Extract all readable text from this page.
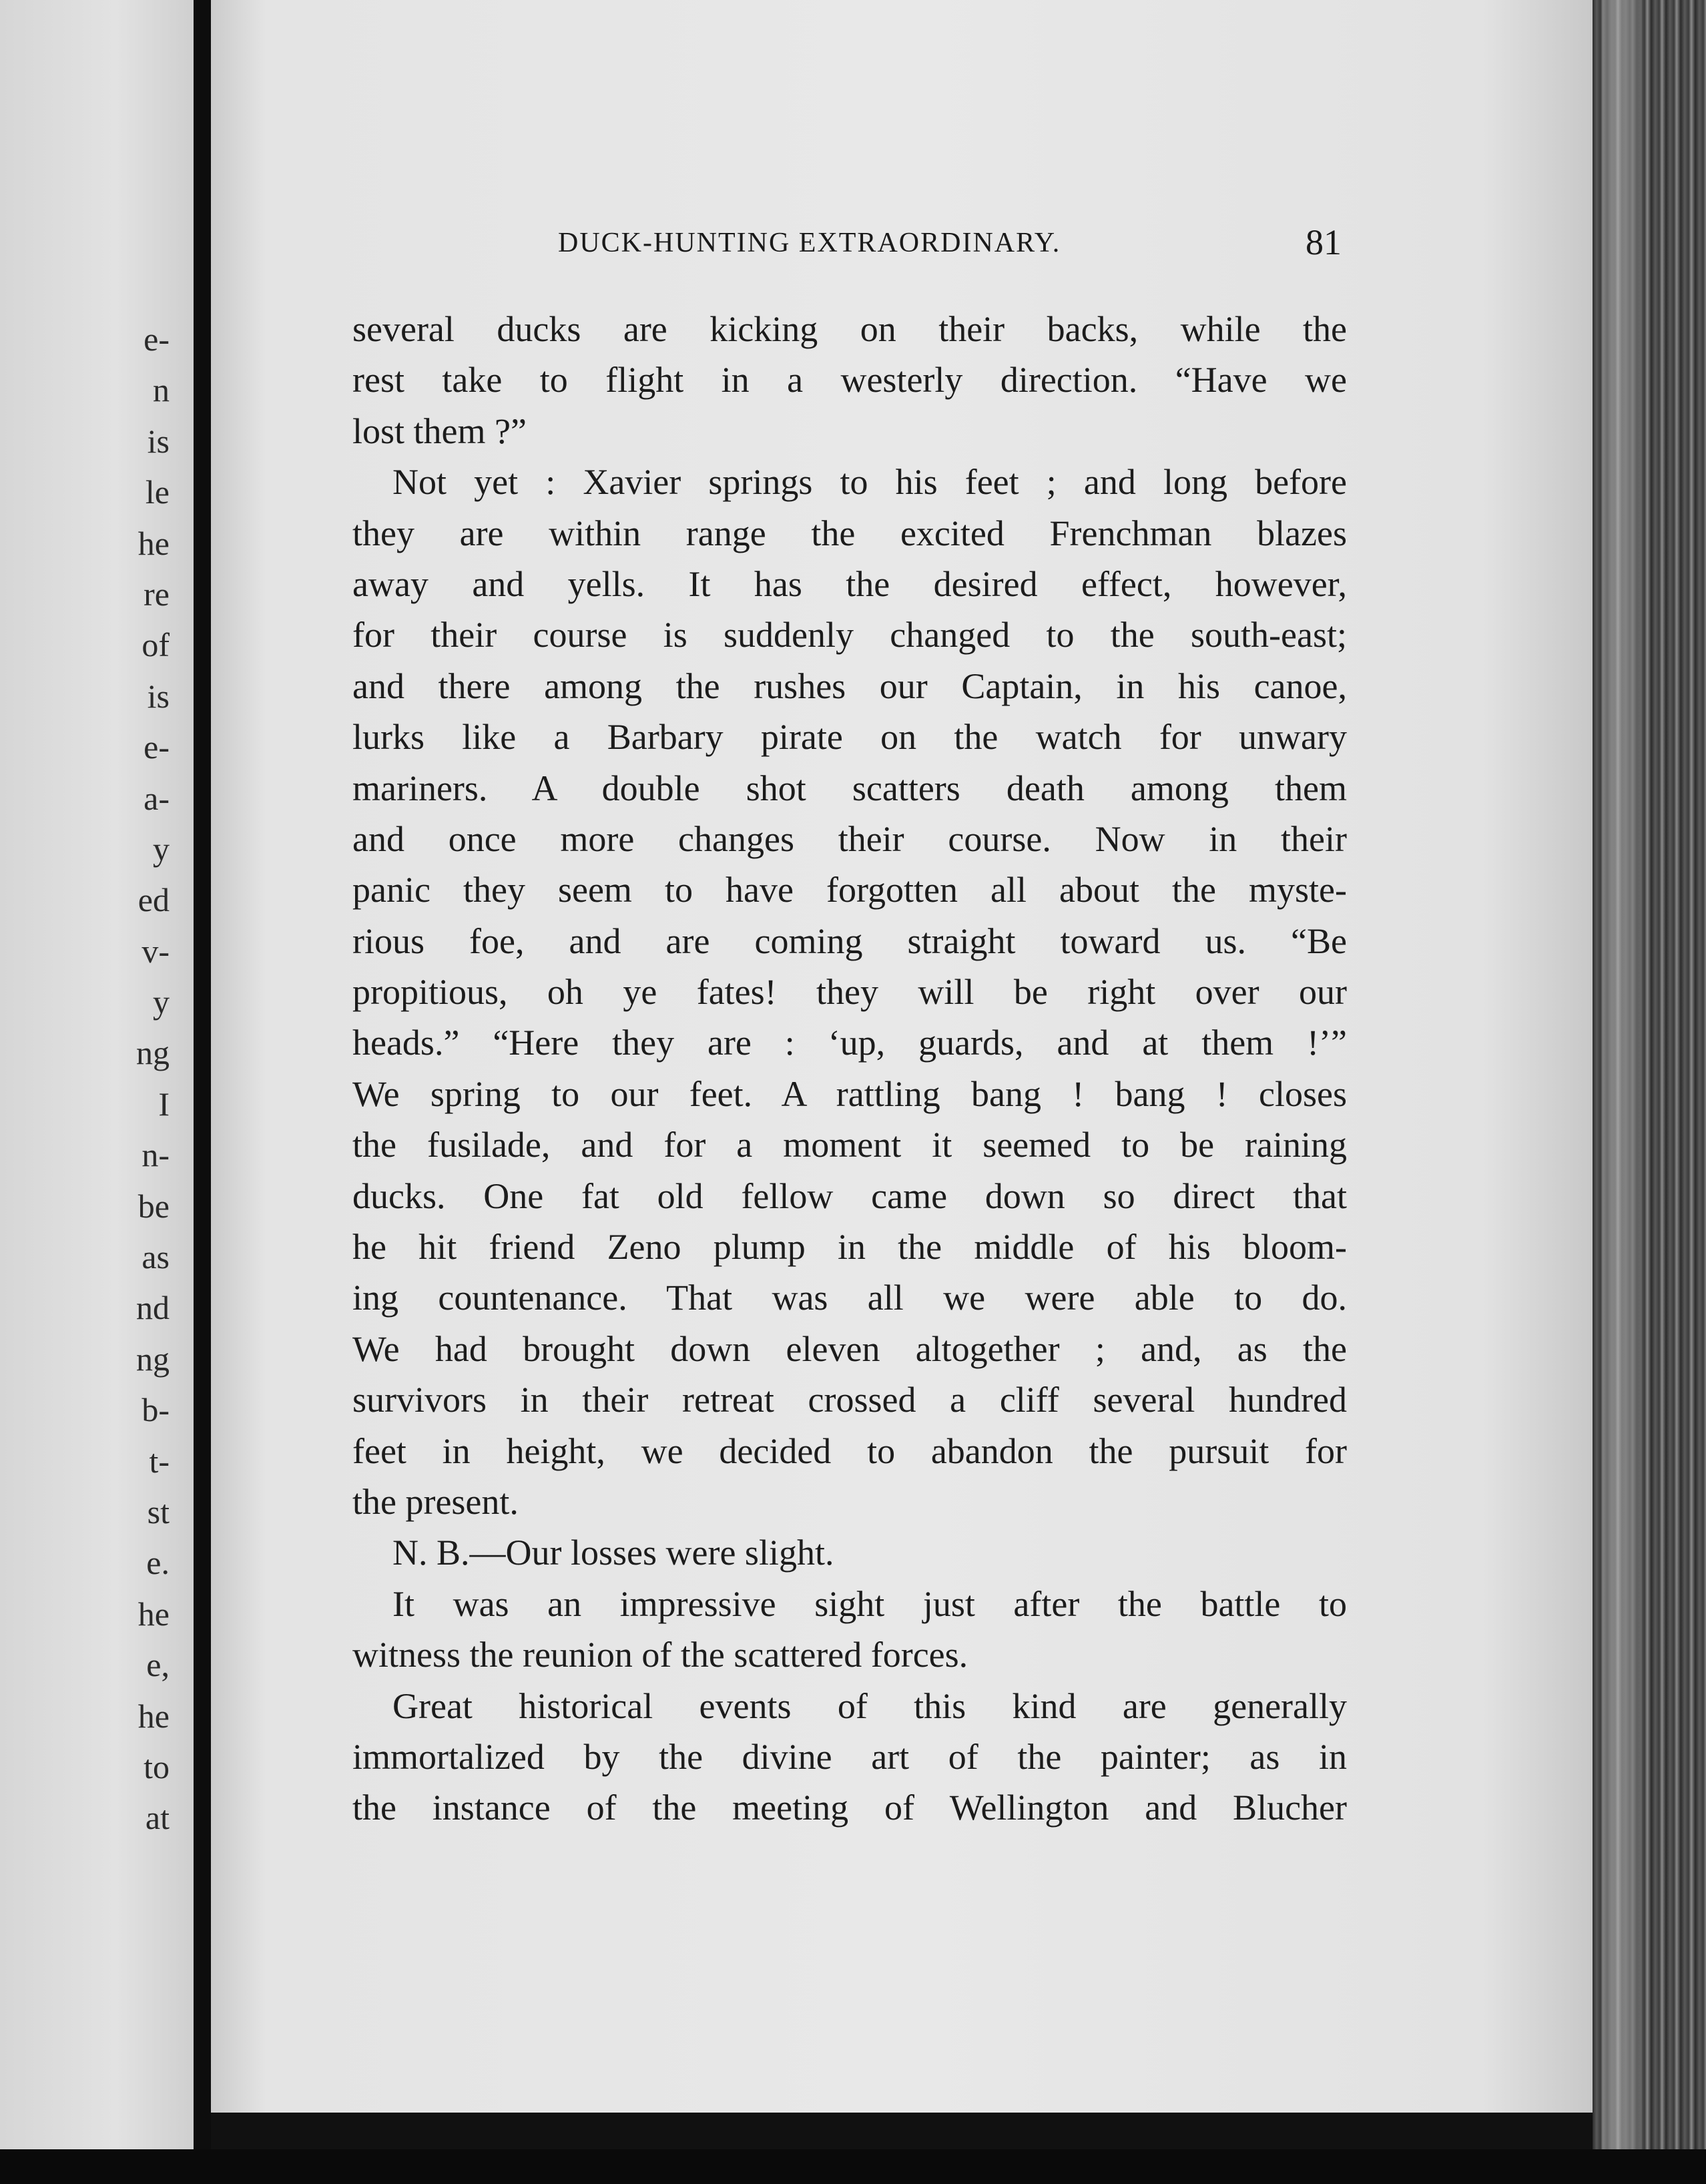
e-
n
is
le
he
re
of
is
e-
a-
y
ed
v-
y
ng
I
n-
be
as
nd
ng
b-
t-
st
e.
he
e,
he
to
at
DUCK-HUNTING EXTRAORDINARY.	81
several ducks are kicking on their backs, while the
rest take to flight in a westerly direction. “Have we
lost them ?”
Not yet : Xavier springs to his feet ; and long before
they are within range the excited Frenchman blazes
away and yells. It has the desired effect, however,
for their course is suddenly changed to the south-east;
and there among the rushes our Captain, in his canoe,
lurks like a Barbary pirate on the watch for unwary
mariners. A double shot scatters death among them
and once more changes their course. Now in their
panic they seem to have forgotten all about the myste-
rious foe, and are coming straight toward us. “Be
propitious, oh ye fates! they will be right over our
heads.” “Here they are : ‘up, guards, and at them !’”
We spring to our feet. A rattling bang ! bang ! closes
the fusilade, and for a moment it seemed to be raining
ducks. One fat old fellow came down so direct that
he hit friend Zeno plump in the middle of his bloom-
ing countenance. That was all we were able to do.
We had brought down eleven altogether ; and, as the
survivors in their retreat crossed a cliff several hundred
feet in height, we decided to abandon the pursuit for
the present.
N. B.—Our losses were slight.
It was an impressive sight just after the battle to
witness the reunion of the scattered forces.
Great historical events of this kind are generally
immortalized by the divine art of the painter; as in
the instance of the meeting of Wellington and Blucher
